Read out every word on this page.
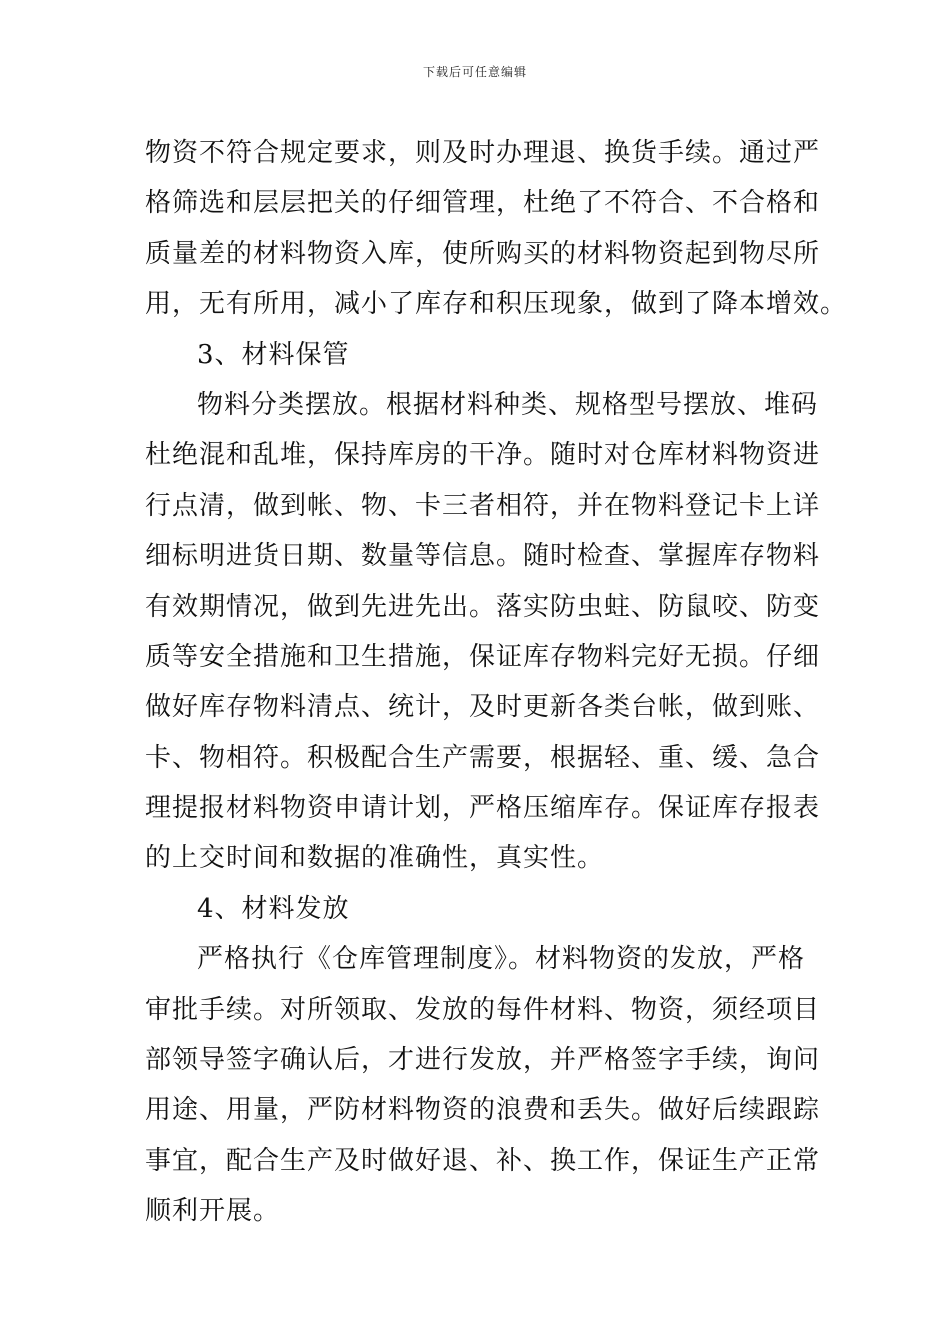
下载后可任意编辑
物资不符合规定要求，则及时办理退、换货手续。通过严
格筛选和层层把关的仔细管理，杜绝了不符合、不合格和
质量差的材料物资入库，使所购买的材料物资起到物尽所
用，无有所用，减小了库存和积压现象，做到了降本增效。
3、材料保管
物料分类摆放。根据材料种类、规格型号摆放、堆码
杜绝混和乱堆，保持库房的干净。随时对仓库材料物资进
行点清，做到帐、物、卡三者相符，并在物料登记卡上详
细标明进货日期、数量等信息。随时检查、掌握库存物料
有效期情况，做到先进先出。落实防虫蛀、防鼠咬、防变
质等安全措施和卫生措施，保证库存物料完好无损。仔细
做好库存物料清点、统计，及时更新各类台帐，做到账、
卡、物相符。积极配合生产需要，根据轻、重、缓、急合
理提报材料物资申请计划，严格压缩库存。保证库存报表
的上交时间和数据的准确性，真实性。
4、材料发放
严格执行《仓库管理制度》。材料物资的发放，严格
审批手续。对所领取、发放的每件材料、物资，须经项目
部领导签字确认后，才进行发放，并严格签字手续，询问
用途、用量，严防材料物资的浪费和丢失。做好后续跟踪
事宜，配合生产及时做好退、补、换工作，保证生产正常
顺利开展。
